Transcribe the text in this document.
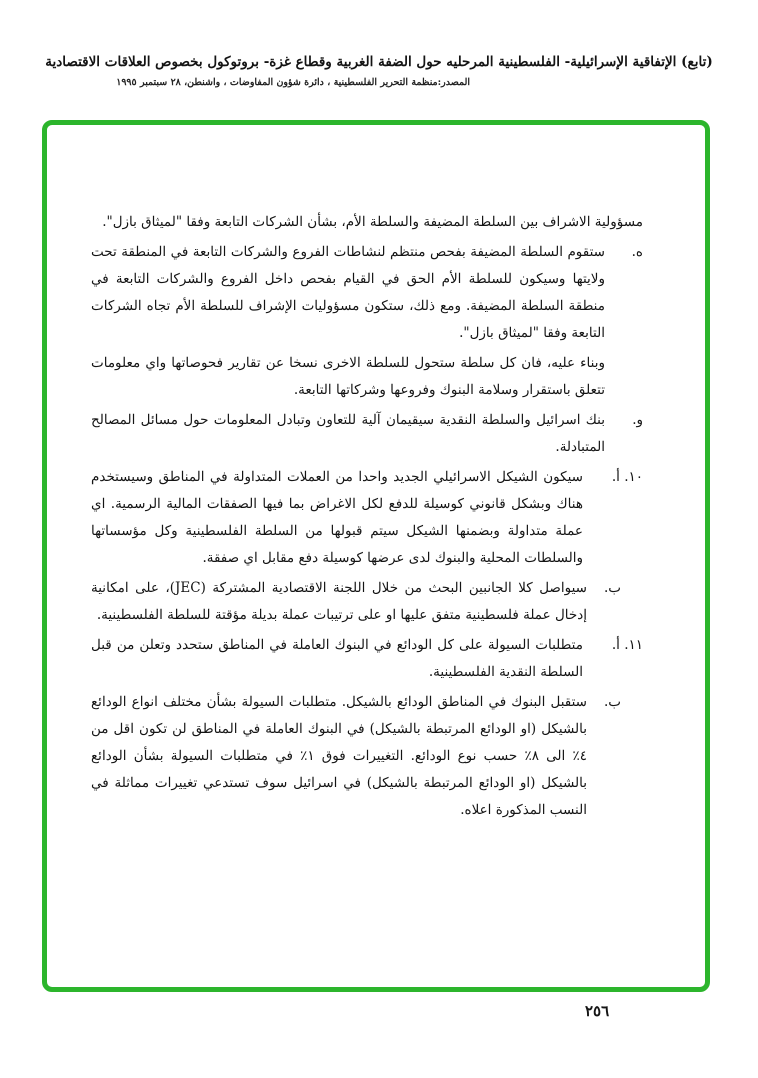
(تابع) الإتفاقية الإسرائيلية- الفلسطينية المرحليه حول الضفة الغربية وقطاع غزة- بروتوكول بخصوص العلاقات الاقتصادية
المصدر:منظمة التحرير الفلسطينية ، دائرة شؤون المفاوضات ، واشنطن، ٢٨ سبتمبر ١٩٩٥
مسؤولية الاشراف بين السلطة المضيفة والسلطة الأم، بشأن الشركات التابعة وفقا "لميثاق بازل".
ه.
ستقوم السلطة المضيفة بفحص منتظم لنشاطات الفروع والشركات التابعة في المنطقة تحت ولايتها وسيكون للسلطة الأم الحق في القيام بفحص داخل الفروع والشركات التابعة في منطقة السلطة المضيفة. ومع ذلك، ستكون مسؤوليات الإشراف للسلطة الأم تجاه الشركات التابعة وفقا "لميثاق بازل".
وبناء عليه، فان كل سلطة ستحول للسلطة الاخرى نسخا عن تقارير فحوصاتها واي معلومات تتعلق باستقرار وسلامة البنوك وفروعها وشركاتها التابعة.
و.
بنك اسرائيل والسلطة النقدية سيقيمان آلية للتعاون وتبادل المعلومات حول مسائل المصالح المتبادلة.
١٠. أ.
سيكون الشيكل الاسرائيلي الجديد واحدا من العملات المتداولة في المناطق وسيستخدم هناك وبشكل قانوني كوسيلة للدفع لكل الاغراض بما فيها الصفقات المالية الرسمية. اي عملة متداولة وبضمنها الشيكل سيتم قبولها من السلطة الفلسطينية وكل مؤسساتها والسلطات المحلية والبنوك لدى عرضها كوسيلة دفع مقابل اي صفقة.
ب.
سيواصل كلا الجانبين البحث من خلال اللجنة الاقتصادية المشتركة (JEC)، على امكانية إدخال عملة فلسطينية متفق عليها او على ترتيبات عملة بديلة مؤقتة للسلطة الفلسطينية.
١١. أ.
متطلبات السيولة على كل الودائع في البنوك العاملة في المناطق ستحدد وتعلن من قبل السلطة النقدية الفلسطينية.
ب.
ستقبل البنوك في المناطق الودائع بالشيكل. متطلبات السيولة بشأن مختلف انواع الودائع بالشيكل (او الودائع المرتبطة بالشيكل) في البنوك العاملة في المناطق لن تكون اقل من ٤٪ الى ٨٪ حسب نوع الودائع. التغييرات فوق ١٪ في متطلبات السيولة بشأن الودائع بالشيكل (او الودائع المرتبطة بالشيكل) في اسرائيل سوف تستدعي تغييرات مماثلة في النسب المذكورة اعلاه.
٢٥٦
